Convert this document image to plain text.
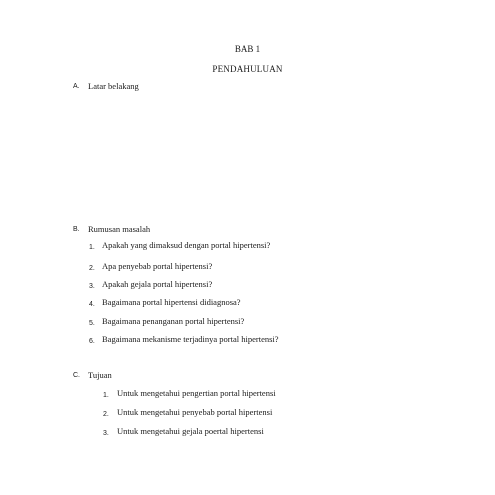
BAB 1
PENDAHULUAN
A. Latar belakang
B. Rumusan masalah
1. Apakah yang dimaksud dengan portal hipertensi?
2. Apa penyebab portal hipertensi?
3. Apakah gejala portal hipertensi?
4. Bagaimana portal hipertensi didiagnosa?
5. Bagaimana penanganan portal hipertensi?
6. Bagaimana mekanisme terjadinya portal hipertensi?
C. Tujuan
1. Untuk mengetahui pengertian portal hipertensi
2. Untuk mengetahui penyebab portal hipertensi
3. Untuk mengetahui gejala poertal hipertensi
